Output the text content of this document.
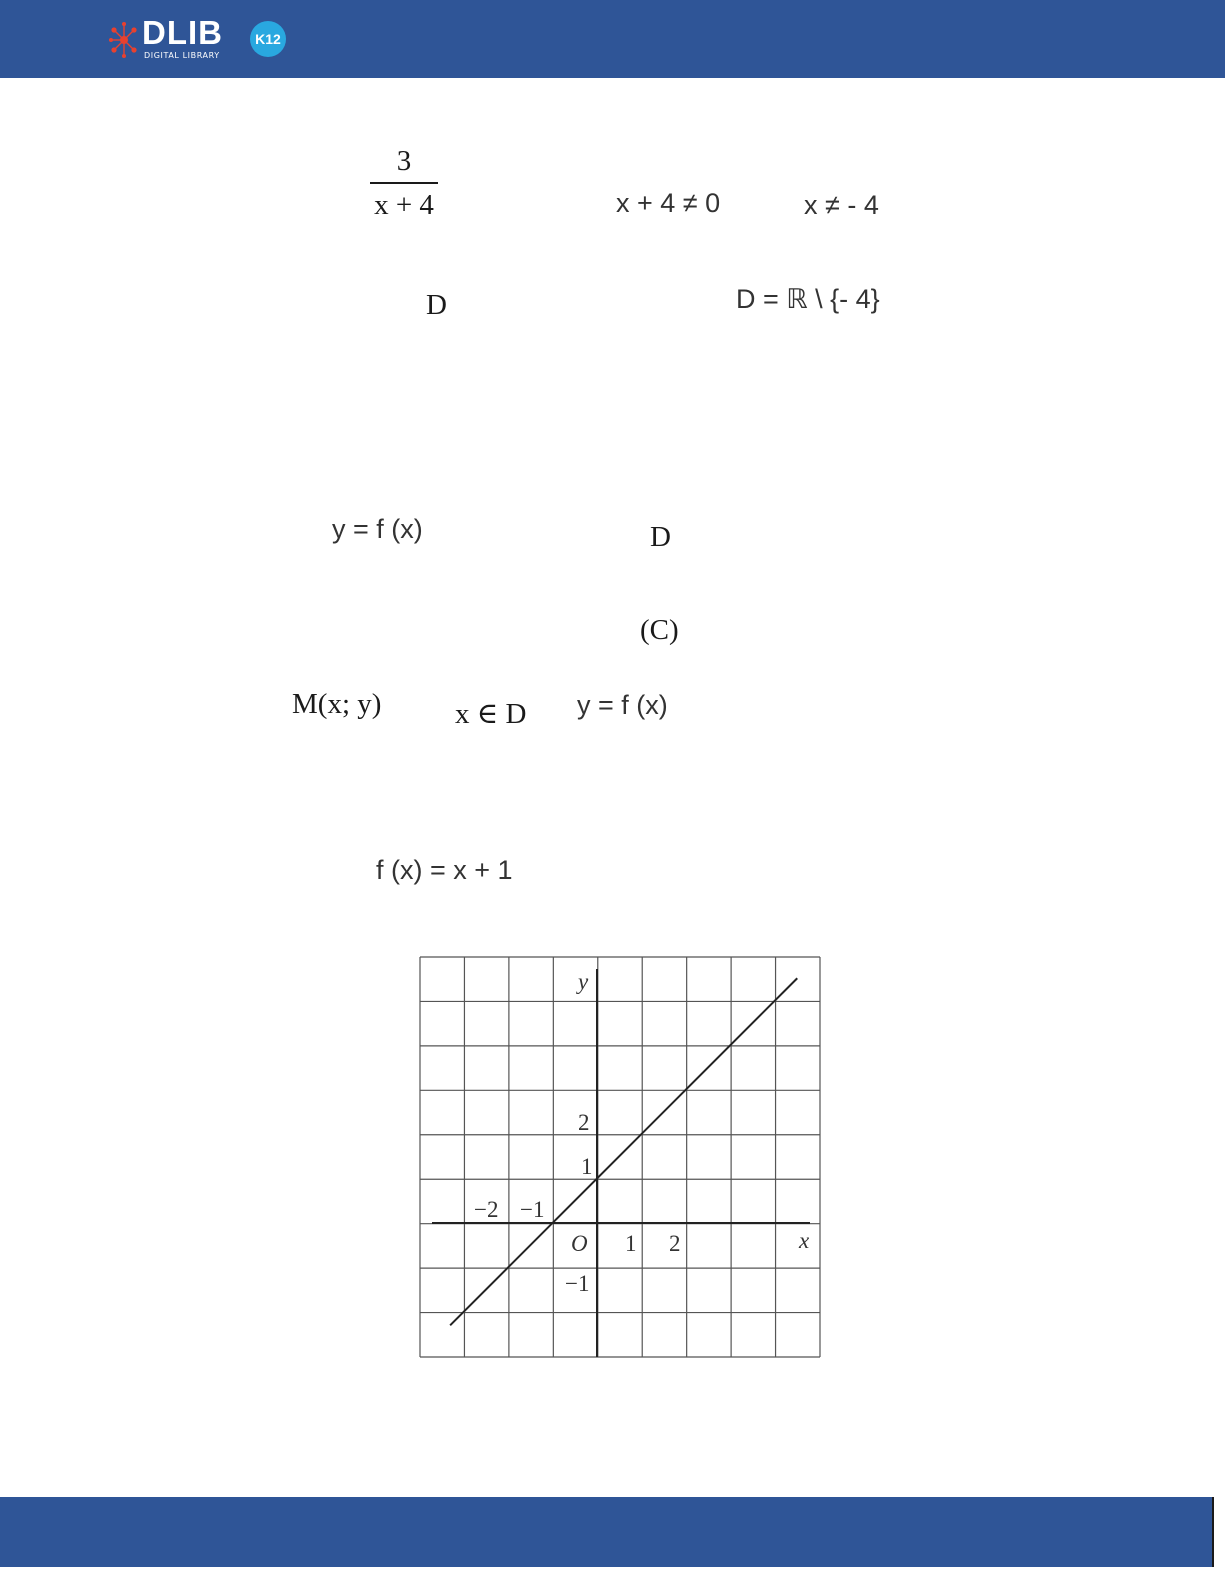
DLIB
DIGITAL LIBRARY
K12
3
x + 4	x + 4 ≠ 0	x ≠ - 4
D	D = ℝ \ {- 4}
y = f (x)	D
(C)
M(x; y)	x ∈ D y = f (x)
f (x) = x + 1
y
x
O
−2 −1
1 2
2
1
−1
